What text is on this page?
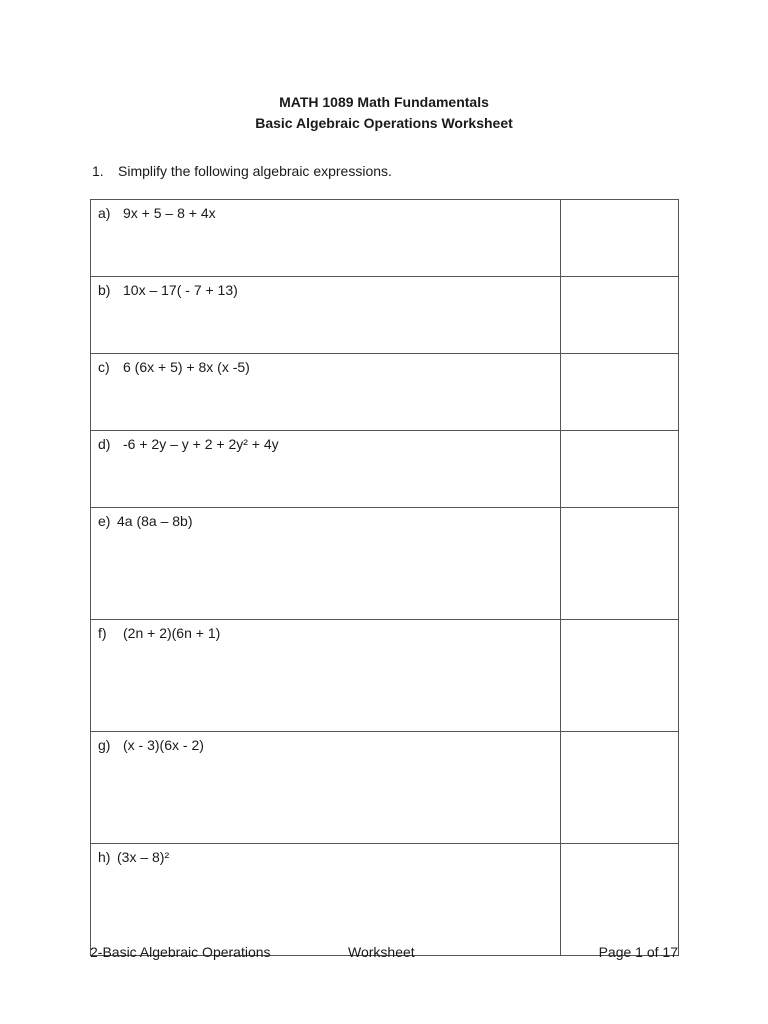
MATH 1089 Math Fundamentals
Basic Algebraic Operations Worksheet
1. Simplify the following algebraic expressions.
a) 9x + 5 – 8 + 4x	
b) 10x – 17( - 7 + 13)	
c) 6 (6x + 5) + 8x (x -5)	
d) -6 + 2y – y + 2 + 2y² + 4y	
e) 4a (8a – 8b)	
f) (2n + 2)(6n + 1)	
g) (x - 3)(6x - 2)	
h) (3x – 8)²	
2-Basic Algebraic Operations	Worksheet	Page 1 of 17
